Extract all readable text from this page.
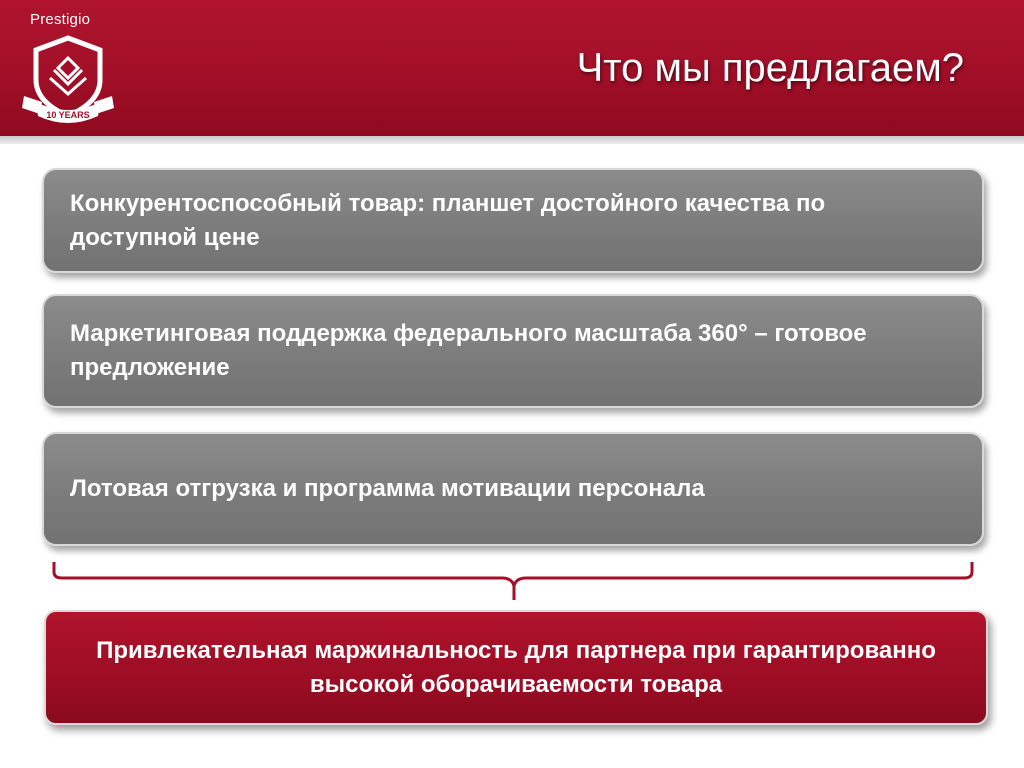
Prestigio
10 YEARS
Что мы предлагаем?
Конкурентоспособный товар: планшет достойного качества по доступной цене
Маркетинговая поддержка федерального масштаба 360° – готовое предложение
Лотовая отгрузка и программа мотивации персонала
Привлекательная маржинальность для партнера при гарантированно высокой оборачиваемости товара
